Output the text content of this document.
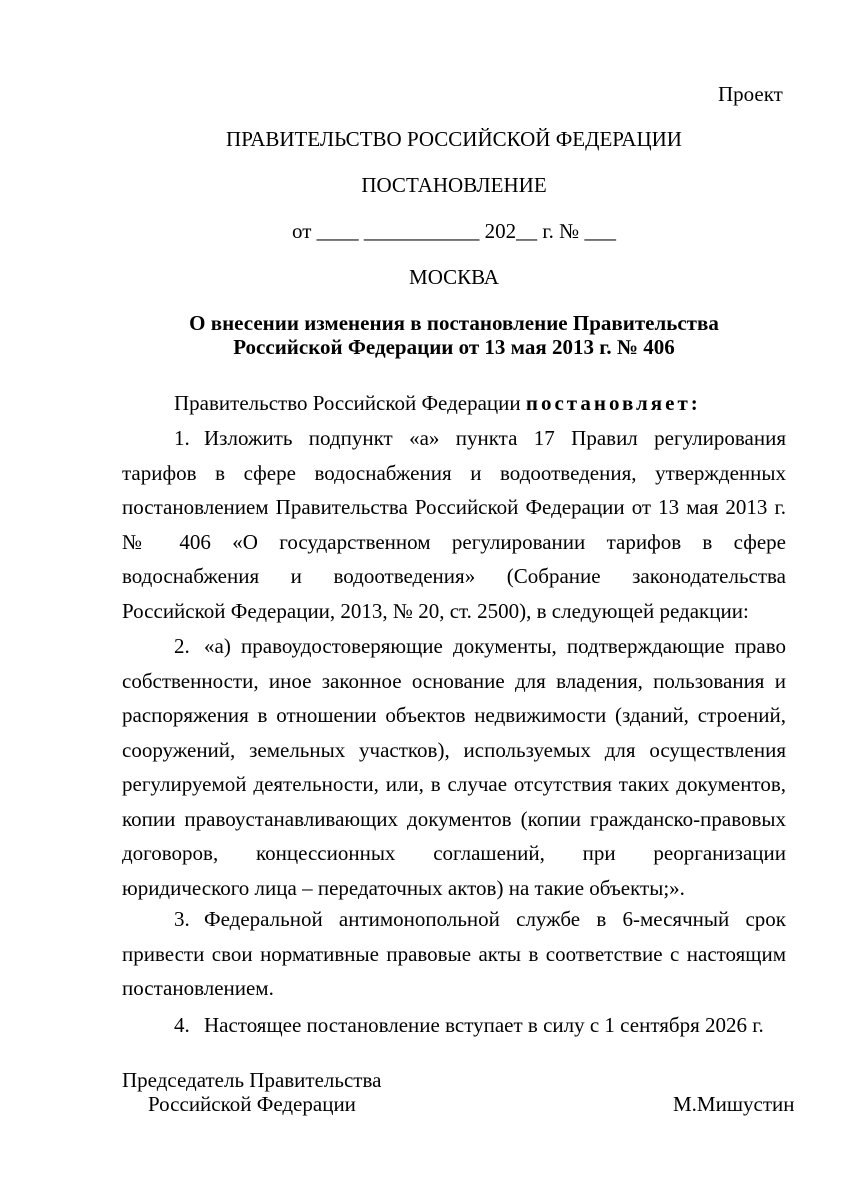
Проект
ПРАВИТЕЛЬСТВО РОССИЙСКОЙ ФЕДЕРАЦИИ
ПОСТАНОВЛЕНИЕ
от ____ ___________ 202__ г. № ___
МОСКВА
О внесении изменения в постановление Правительства
Российской Федерации от 13 мая 2013 г. № 406
Правительство Российской Федерации постановляет:
1. Изложить подпункт «а» пункта 17 Правил регулирования тарифов в сфере водоснабжения и водоотведения, утвержденных постановлением Правительства Российской Федерации от 13 мая 2013 г. № 406 «О государственном регулировании тарифов в сфере водоснабжения и водоотведения» (Собрание законодательства Российской Федерации, 2013, № 20, ст. 2500), в следующей редакции:
2. «а) правоудостоверяющие документы, подтверждающие право собственности, иное законное основание для владения, пользования и распоряжения в отношении объектов недвижимости (зданий, строений, сооружений, земельных участков), используемых для осуществления регулируемой деятельности, или, в случае отсутствия таких документов, копии правоустанавливающих документов (копии гражданско-правовых договоров, концессионных соглашений, при реорганизации юридического лица – передаточных актов) на такие объекты;».
3. Федеральной антимонопольной службе в 6-месячный срок привести свои нормативные правовые акты в соответствие с настоящим постановлением.
4. Настоящее постановление вступает в силу с 1 сентября 2026 г.
Председатель Правительства
Российской Федерации	М.Мишустин
